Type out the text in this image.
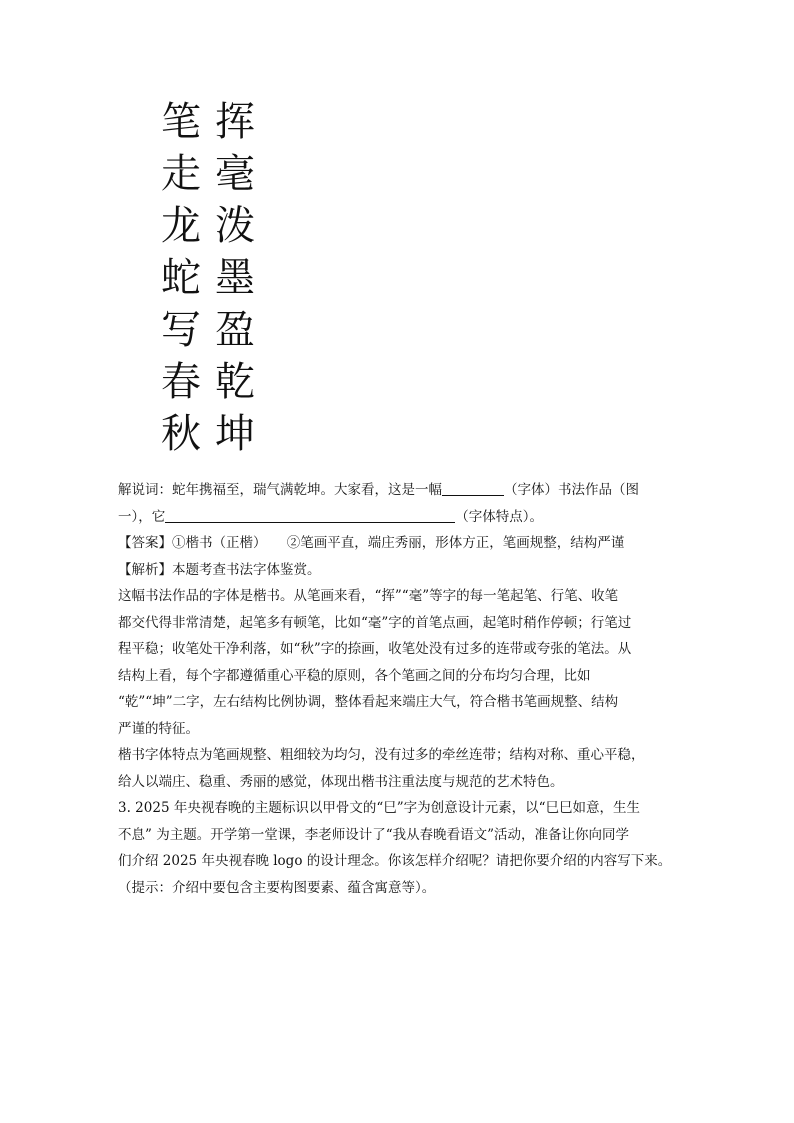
挥
毫
泼
墨
盈
乾
坤
笔
走
龙
蛇
写
春
秋
解说词：蛇年携福至，瑞气满乾坤。大家看，这是一幅	（字体）书法作品（图
一），它	（字体特点）。
【答案】①楷书（正楷）　　②笔画平直，端庄秀丽，形体方正，笔画规整，结构严谨
【解析】本题考查书法字体鉴赏。
这幅书法作品的字体是楷书。从笔画来看，“挥”“毫”等字的每一笔起笔、行笔、收笔
都交代得非常清楚，起笔多有顿笔，比如“毫”字的首笔点画，起笔时稍作停顿；行笔过
程平稳；收笔处干净利落，如“秋”字的捺画，收笔处没有过多的连带或夸张的笔法。从
结构上看，每个字都遵循重心平稳的原则，各个笔画之间的分布均匀合理，比如
“乾”“坤”二字，左右结构比例协调，整体看起来端庄大气，符合楷书笔画规整、结构
严谨的特征。
楷书字体特点为笔画规整、粗细较为均匀，没有过多的牵丝连带；结构对称、重心平稳，
给人以端庄、稳重、秀丽的感觉，体现出楷书注重法度与规范的艺术特色。
3. 2025 年央视春晚的主题标识以甲骨文的“巳”字为创意设计元素，以“巳巳如意，生生
不息” 为主题。开学第一堂课，李老师设计了“我从春晚看语文”活动，准备让你向同学
们介绍 2025 年央视春晚 logo 的设计理念。你该怎样介绍呢？请把你要介绍的内容写下来。
（提示：介绍中要包含主要构图要素、蕴含寓意等）。
